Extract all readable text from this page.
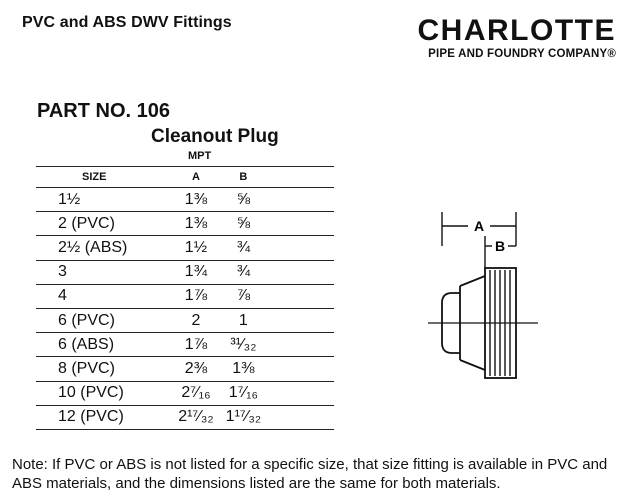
PVC and ABS DWV Fittings	CHARLOTTE
PIPE AND FOUNDRY COMPANY®
PART NO. 106
Cleanout Plug
MPT
SIZE	A	B	
1½	1⅜	⅝	
2 (PVC)	1⅜	⅝	
2½ (ABS)	1½	¾	
3	1¾	¾	
4	1⅞	⅞	
6 (PVC)	2	1	
6 (ABS)	1⅞	³¹⁄₃₂	
8 (PVC)	2⅜	1⅜	
10 (PVC)	2⁷⁄₁₆	1⁷⁄₁₆	
12 (PVC)	2¹⁷⁄₃₂	1¹⁷⁄₃₂	
A
B
Note: If PVC or ABS is not listed for a specific size, that size fitting is available in PVC and ABS materials, and the dimensions listed are the same for both materials.
